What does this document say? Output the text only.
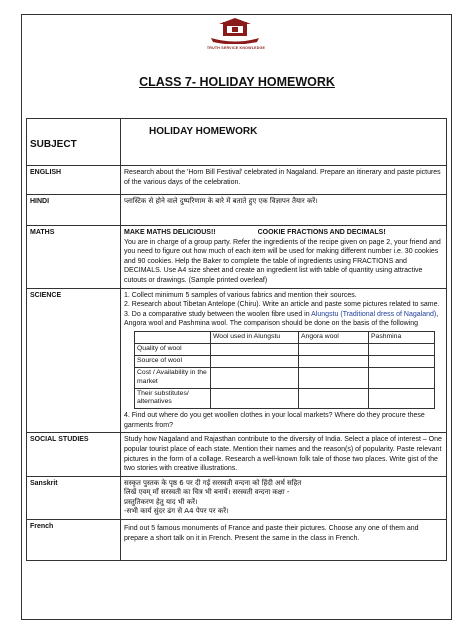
TRUTH SERVICE KNOWLEDGE
CLASS 7- HOLIDAY HOMEWORK
SUBJECT	HOLIDAY HOMEWORK
ENGLISH	Research about the 'Horn Bill Festival' celebrated in Nagaland. Prepare an itinerary and paste pictures of the various days of the celebration.
HINDI	प्लास्टिक से होने वाले दुष्परिणाम के बारे में बताते हुए एक विज्ञापन तैयार करें।
MATHS	MAKE MATHS DELICIOUS!!	COOKIE FRACTIONS AND DECIMALS!
You are in charge of a group party. Refer the ingredients of the recipe given on page 2, your friend and you need to figure out how much of each item will be used for making different number i.e. 30 cookies and 90 cookies. Help the Baker to complete the table of ingredients using FRACTIONS and DECIMALS. Use A4 size sheet and create an ingredient list with table of quantity using attractive cutouts or drawings. (Sample printed overleaf)
SCIENCE	1. Collect minimum 5 samples of various fabrics and mention their sources.
2. Research about Tibetan Antelope (Chiru). Write an article and paste some pictures related to same.
3. Do a comparative study between the woolen fibre used in Alungstu (Traditional dress of Nagaland), Angora wool and Pashmina wool. The comparison should be done on the basis of the following
	Wool used in Alungstu	Angora wool	Pashmina
Quality of wool			
Source of wool			
Cost / Availability in the market			
Their substitutes/ alternatives			
4. Find out where do you get woollen clothes in your local markets? Where do they procure these garments from?

SOCIAL STUDIES	Study how Nagaland and Rajasthan contribute to the diversity of India. Select a place of interest – One popular tourist place of each state. Mention their names and the reason(s) of popularity. Paste relevant pictures in the form of a collage. Research a well-known folk tale of those two places. Write gist of the two stories with creative illustrations.
Sanskrit	सस्कृत पुस्तक के पृष्ठ 6 पर दी गई सरस्वती वन्दना को हिंदी अर्थ सहित
लिखें एवम् माँ सरस्वती का चित्र भी बनायें। सरस्वती वन्दना कक्षा -
प्रस्तुतिकरण हेतु याद भी करें।
-सभी कार्य सुंदर ढंग से A4 पेपर पर करें।

French	Find out 5 famous monuments of France and paste their pictures. Choose any one of them and prepare a short talk on it in French. Present the same in the class in French.
